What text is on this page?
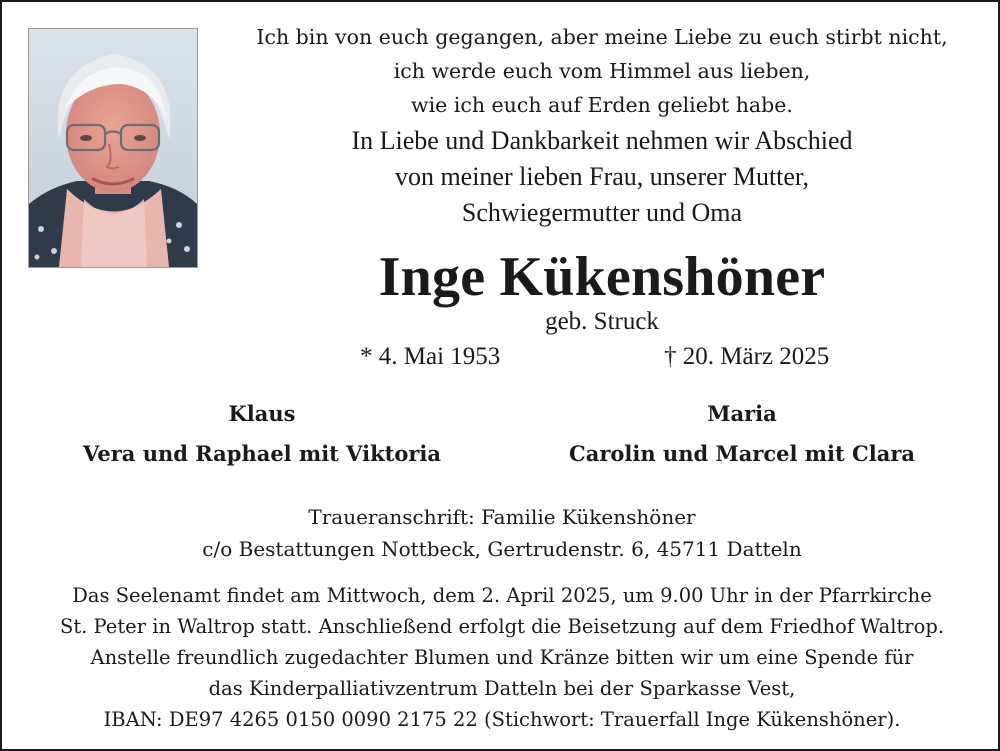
Ich bin von euch gegangen, aber meine Liebe zu euch stirbt nicht,

ich werde euch vom Himmel aus lieben,

wie ich euch auf Erden geliebt habe.

In Liebe und Dankbarkeit nehmen wir Abschied

von meiner lieben Frau, unserer Mutter,

Schwiegermutter und Oma

Inge Kükenshöner
geb. Struck
* 4. Mai 1953	† 20. März 2025
Klaus	Maria
Vera und Raphael mit Viktoria	Carolin und Marcel mit Clara

Traueranschrift: Familie Kükenshöner

c/o Bestattungen Nottbeck, Gertrudenstr. 6, 45711 Datteln

Das Seelenamt findet am Mittwoch, dem 2. April 2025, um 9.00 Uhr in der Pfarrkirche

St. Peter in Waltrop statt. Anschließend erfolgt die Beisetzung auf dem Friedhof Waltrop.

Anstelle freundlich zugedachter Blumen und Kränze bitten wir um eine Spende für

das Kinderpalliativzentrum Datteln bei der Sparkasse Vest,

IBAN: DE97 4265 0150 0090 2175 22 (Stichwort: Trauerfall Inge Kükenshöner).
